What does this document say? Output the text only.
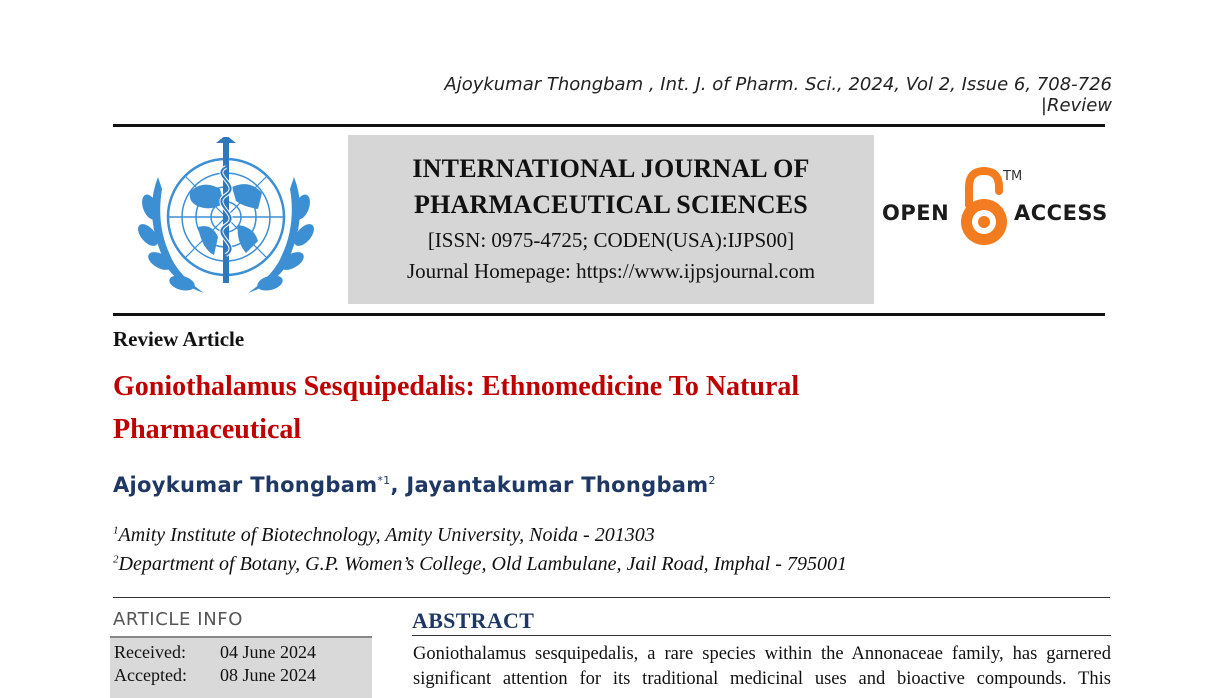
Ajoykumar Thongbam , Int. J. of Pharm. Sci., 2024, Vol 2, Issue 6, 708-726 |Review
INTERNATIONAL JOURNAL OF
PHARMACEUTICAL SCIENCES
[ISSN: 0975-4725; CODEN(USA):IJPS00]
Journal Homepage: https://www.ijpsjournal.com
OPEN
TM
ACCESS
Review Article
Goniothalamus Sesquipedalis: Ethnomedicine To Natural
Pharmaceutical
Ajoykumar Thongbam$^{*1}$, Jayantakumar Thongbam$^2$
$^1$Amity Institute of Biotechnology, Amity University, Noida - 201303
$^2$Department of Botany, G.P. Women’s College, Old Lambulane, Jail Road, Imphal - 795001
ARTICLE INFO
Received: 04 June 2024
Accepted: 08 June 2024
ABSTRACT
Goniothalamus sesquipedalis, a rare species within the Annonaceae family, has garnered
significant attention for its traditional medicinal uses and bioactive compounds. This
